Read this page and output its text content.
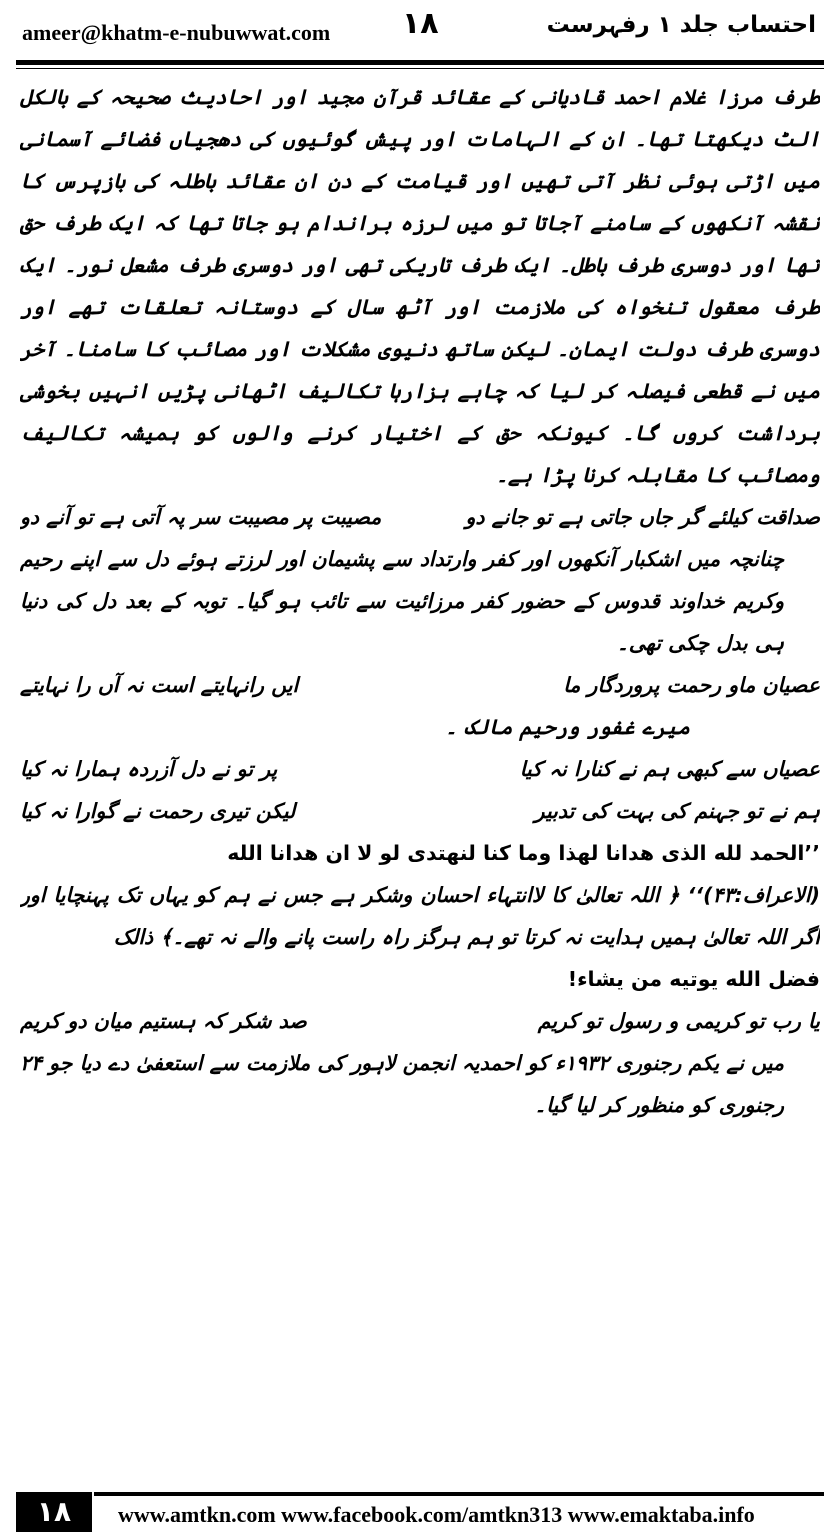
ameer@khatm-e-nubuwwat.com ۱۸	احتساب جلد ۱ رفہرست

طرف مرزا غلام احمد قادیانی کے عقائد قرآن مجید اور احادیث صحیحہ کے بالکل الٹ دیکھتا تھا۔ ان کے الہامات اور پیش گوئیوں کی دھجیاں فضائے آسمانی میں اڑتی ہوئی نظر آتی تھیں اور قیامت کے دن ان عقائد باطلہ کی بازپرس کا نقشہ آنکھوں کے سامنے آجاتا تو میں لرزہ براندام ہو جاتا تھا کہ ایک طرف حق تھا اور دوسری طرف باطل۔ ایک طرف تاریکی تھی اور دوسری طرف مشعل نور۔ ایک طرف معقول تنخواہ کی ملازمت اور آٹھ سال کے دوستانہ تعلقات تھے اور دوسری طرف دولت ایمان۔ لیکن ساتھ دنیوی مشکلات اور مصائب کا سامنا۔ آخر میں نے قطعی فیصلہ کر لیا کہ چاہے ہزارہا تکالیف اٹھانی پڑیں انہیں بخوشی برداشت کروں گا۔ کیونکہ حق کے اختیار کرنے والوں کو ہمیشہ تکالیف ومصائب کا مقابلہ کرنا پڑا ہے۔

صداقت کیلئے گر جاں جاتی ہے تو جانے دو
مصیبت پر مصیبت سر پہ آتی ہے تو آنے دو

چنانچہ میں اشکبار آنکھوں اور کفر وارتداد سے پشیمان اور لرزتے ہوئے دل سے اپنے رحیم وکریم خداوند قدوس کے حضور کفر مرزائیت سے تائب ہو گیا۔ توبہ کے بعد دل کی دنیا ہی بدل چکی تھی۔

عصیان ماو رحمت پروردگار ما
ایں رانہایتے است نہ آں را نہایتے

میرے غفور ورحیم مالک ۔

عصیاں سے کبھی ہم نے کنارا نہ کیا
پر تو نے دل آزردہ ہمارا نہ کیا
ہم نے تو جہنم کی بہت کی تدبیر
لیکن تیری رحمت نے گوارا نہ کیا

’’الحمد لله الذی هدانا لهذا وما كنا لنهتدی لو لا ان هدانا الله

(الاعراف:۴۳)‘‘ ﴿ اللہ تعالیٰ کا لاانتہاء احسان وشکر ہے جس نے ہم کو یہاں تک پہنچایا اور اگر اللہ تعالیٰ ہمیں ہدایت نہ کرتا تو ہم ہرگز راہ راست پانے والے نہ تھے۔﴾ ذالک

فضل الله یوتیه من یشاء!

یا رب تو کریمی و رسول تو کریم
صد شکر کہ ہستیم میان دو کریم

میں نے یکم رجنوری ۱۹۳۲ء کو احمدیہ انجمن لاہور کی ملازمت سے استعفیٰ دے دیا جو ۲۴ رجنوری کو منظور کر لیا گیا۔

۱۸	www.amtkn.com www.facebook.com/amtkn313 www.emaktaba.info
